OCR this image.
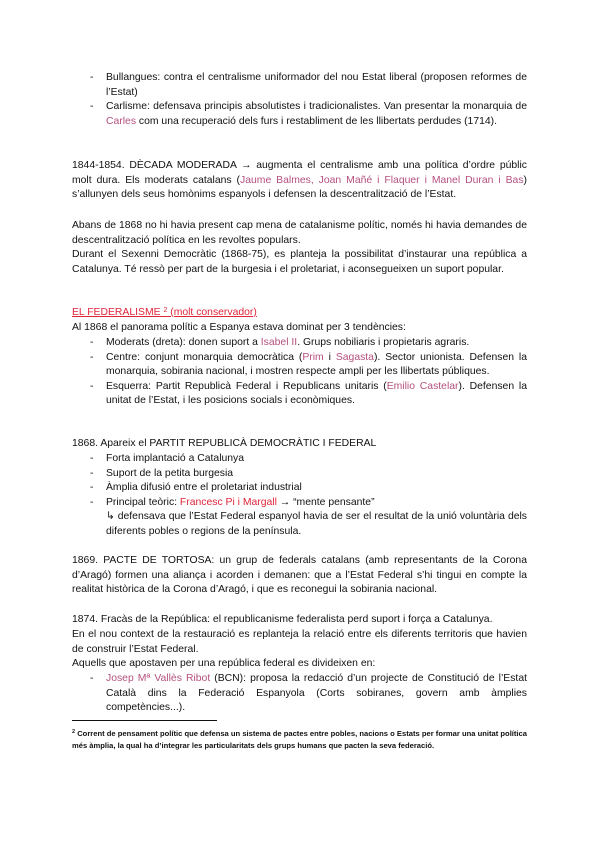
- Bullangues: contra el centralisme uniformador del nou Estat liberal (proposen reformes de l’Estat)
- Carlisme: defensava principis absolutistes i tradicionalistes. Van presentar la monarquia de Carles com una recuperació dels furs i restabliment de les llibertats perdudes (1714).
1844-1854. DÈCADA MODERADA → augmenta el centralisme amb una política d’ordre públic molt dura. Els moderats catalans (Jaume Balmes, Joan Mañé i Flaquer i Manel Duran i Bas) s’allunyen dels seus homònims espanyols i defensen la descentralització de l’Estat.
Abans de 1868 no hi havia present cap mena de catalanisme polític, només hi havia demandes de descentralització política en les revoltes populars.
Durant el Sexenni Democràtic (1868-75), es planteja la possibilitat d’instaurar una república a Catalunya. Té ressò per part de la burgesia i el proletariat, i aconsegueixen un suport popular.
EL FEDERALISME $^2$ (molt conservador)
Al 1868 el panorama polític a Espanya estava dominat per 3 tendències:
- Moderats (dreta): donen suport a Isabel II. Grups nobiliaris i propietaris agraris.
- Centre: conjunt monarquia democràtica (Prim i Sagasta). Sector unionista. Defensen la monarquia, sobirania nacional, i mostren respecte ampli per les llibertats públiques.
- Esquerra: Partit Republicà Federal i Republicans unitaris (Emilio Castelar). Defensen la unitat de l’Estat, i les posicions socials i econòmiques.
1868. Apareix el PARTIT REPUBLICÀ DEMOCRÀTIC I FEDERAL
- Forta implantació a Catalunya
- Suport de la petita burgesia
- Àmplia difusió entre el proletariat industrial
- Principal teòric: Francesc Pi i Margall → “mente pensante”
↳ defensava que l’Estat Federal espanyol havia de ser el resultat de la unió voluntària dels diferents pobles o regions de la península.
1869. PACTE DE TORTOSA: un grup de federals catalans (amb representants de la Corona d’Aragó) formen una aliança i acorden i demanen: que a l’Estat Federal s’hi tingui en compte la realitat històrica de la Corona d’Aragó, i que es reconegui la sobirania nacional.
1874. Fracàs de la República: el republicanisme federalista perd suport i força a Catalunya.
En el nou context de la restauració es replanteja la relació entre els diferents territoris que havien de construir l’Estat Federal.
Aquells que apostaven per una república federal es divideixen en:
- Josep Mª Vallès Ribot (BCN): proposa la redacció d’un projecte de Constitució de l’Estat Català dins la Federació Espanyola (Corts sobiranes, govern amb àmplies competències...).
$^2$ Corrent de pensament polític que defensa un sistema de pactes entre pobles, nacions o Estats per formar una unitat política més àmplia, la qual ha d’integrar les particularitats dels grups humans que pacten la seva federació.
